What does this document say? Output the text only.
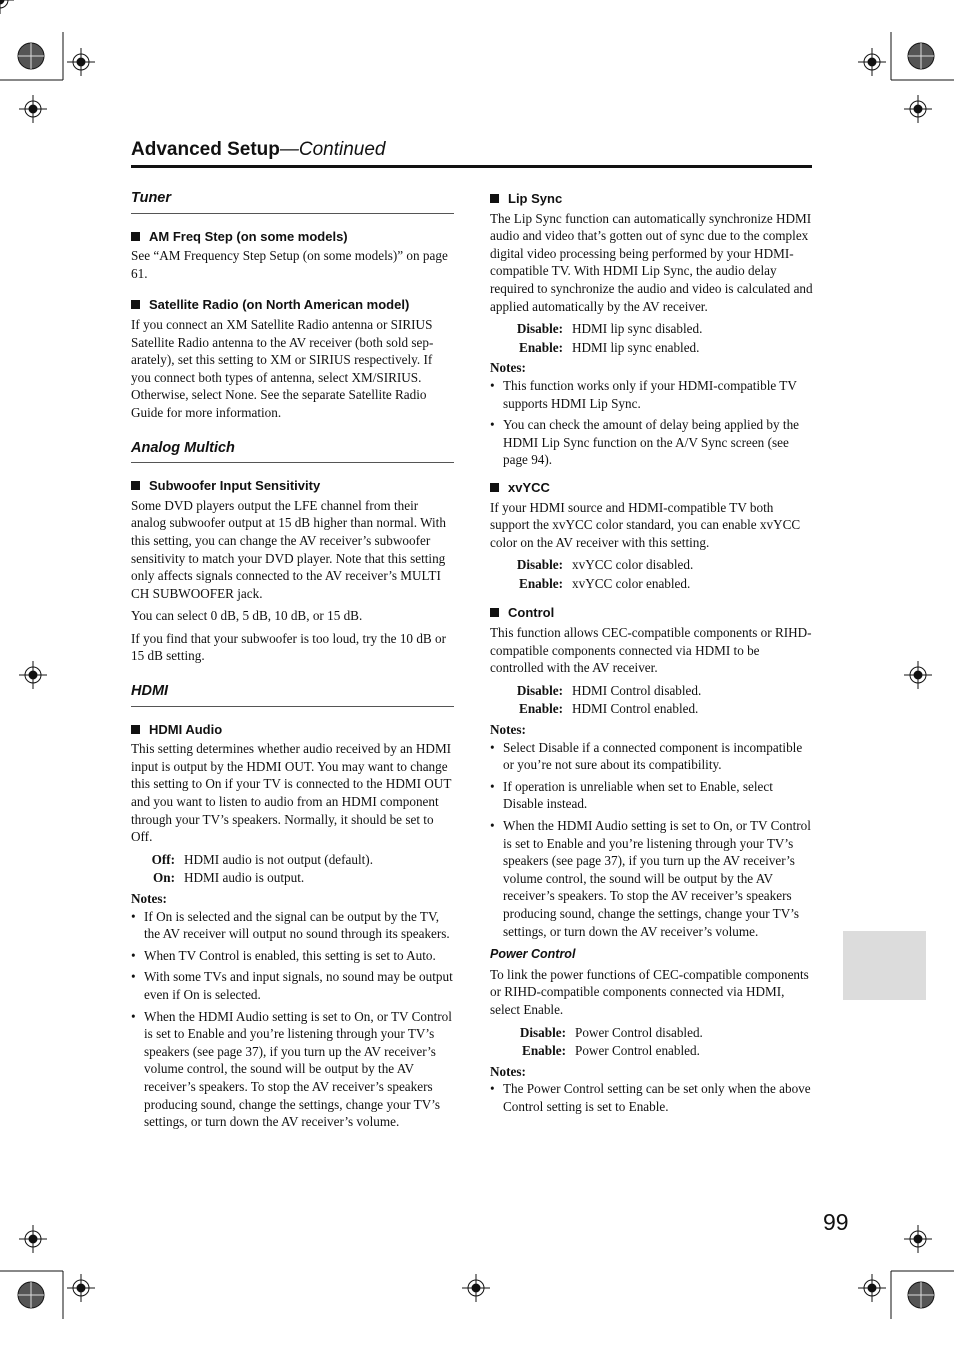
Advanced Setup—Continued
Tuner
AM Freq Step (on some models)

See “AM Frequency Step Setup (on some models)” on page 61.

Satellite Radio (on North American model)

If you connect an XM Satellite Radio antenna or SIRIUS Satellite Radio antenna to the AV receiver (both sold separately), set this setting to XM or SIRIUS respectively. If you connect both types of antenna, select XM/SIRIUS. Otherwise, select None. See the separate Satellite Radio Guide for more information.

Analog Multich
Subwoofer Input Sensitivity

Some DVD players output the LFE channel from their analog subwoofer output at 15 dB higher than normal. With this setting, you can change the AV receiver’s subwoofer sensitivity to match your DVD player. Note that this setting only affects signals connected to the AV receiver’s MULTI CH SUBWOOFER jack.

You can select 0 dB, 5 dB, 10 dB, or 15 dB.

If you find that your subwoofer is too loud, try the 10 dB or 15 dB setting.

HDMI
HDMI Audio

This setting determines whether audio received by an HDMI input is output by the HDMI OUT. You may want to change this setting to On if your TV is connected to the HDMI OUT and you want to listen to audio from an HDMI component through your TV’s speakers. Normally, it should be set to Off.

Off: HDMI audio is not output (default).
On: HDMI audio is output.
Notes:
• If On is selected and the signal can be output by the TV, the AV receiver will output no sound through its speakers.
• When TV Control is enabled, this setting is set to Auto.
• With some TVs and input signals, no sound may be output even if On is selected.
• When the HDMI Audio setting is set to On, or TV Control is set to Enable and you’re listening through your TV’s speakers (see page 37), if you turn up the AV receiver’s volume control, the sound will be output by the AV receiver’s speakers. To stop the AV receiver’s speakers producing sound, change the settings, change your TV’s settings, or turn down the AV receiver’s volume.
Lip Sync

The Lip Sync function can automatically synchronize HDMI audio and video that’s gotten out of sync due to the complex digital video processing being performed by your HDMI-compatible TV. With HDMI Lip Sync, the audio delay required to synchronize the audio and video is calculated and applied automatically by the AV receiver.

Disable: HDMI lip sync disabled.
Enable: HDMI lip sync enabled.
Notes:
• This function works only if your HDMI-compatible TV supports HDMI Lip Sync.
• You can check the amount of delay being applied by the HDMI Lip Sync function on the A/V Sync screen (see page 94).
xvYCC

If your HDMI source and HDMI-compatible TV both support the xvYCC color standard, you can enable xvYCC color on the AV receiver with this setting.

Disable: xvYCC color disabled.
Enable: xvYCC color enabled.
Control

This function allows CEC-compatible components or RIHD-compatible components connected via HDMI to be controlled with the AV receiver.

Disable: HDMI Control disabled.
Enable: HDMI Control enabled.
Notes:
• Select Disable if a connected component is incompatible or you’re not sure about its compatibility.
• If operation is unreliable when set to Enable, select Disable instead.
• When the HDMI Audio setting is set to On, or TV Control is set to Enable and you’re listening through your TV’s speakers (see page 37), if you turn up the AV receiver’s volume control, the sound will be output by the AV receiver’s speakers. To stop the AV receiver’s speakers producing sound, change the settings, change your TV’s settings, or turn down the AV receiver’s volume.
Power Control

To link the power functions of CEC-compatible components or RIHD-compatible components connected via HDMI, select Enable.

Disable: Power Control disabled.
Enable: Power Control enabled.
Notes:
• The Power Control setting can be set only when the above Control setting is set to Enable.
99
